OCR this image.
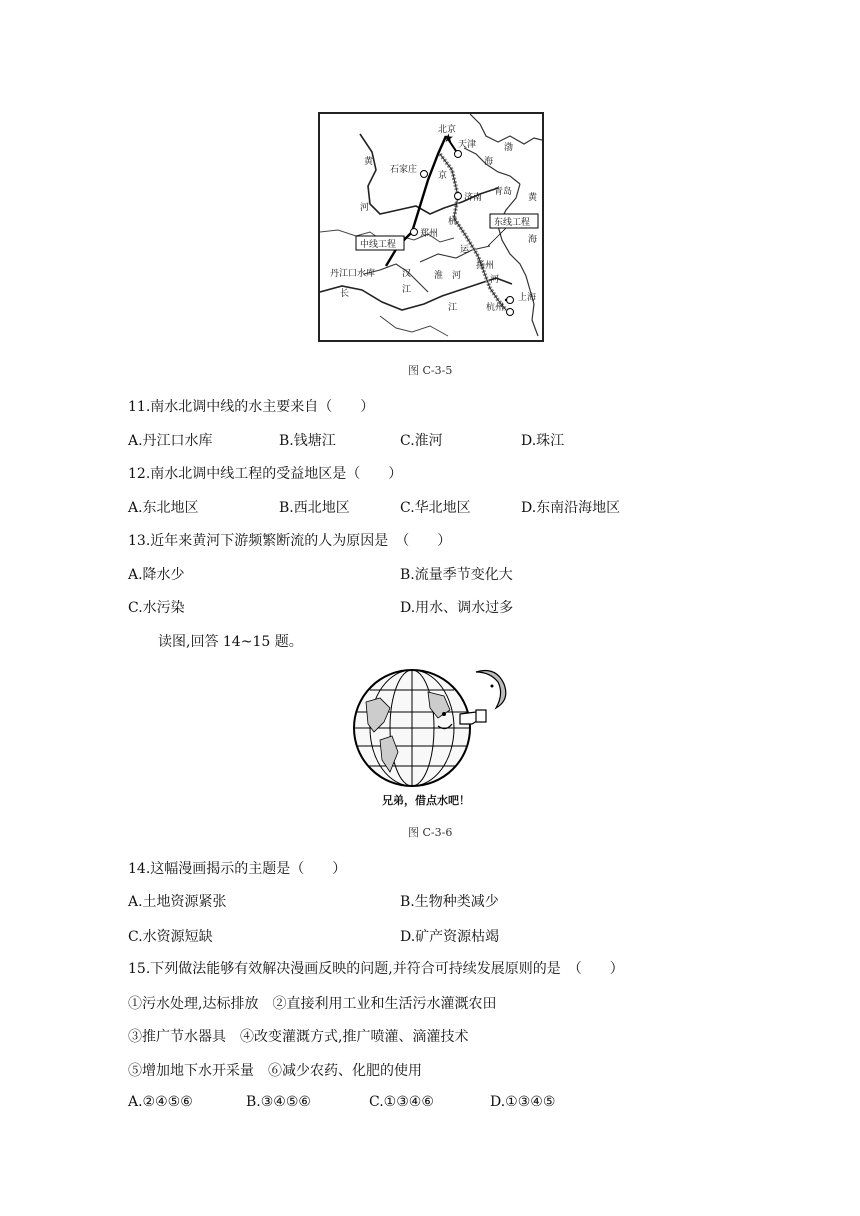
北京
★ 天津
石家庄
济南
青岛
郑州
扬州
杭州
上海
渤
海
黄
海
黄
河
京
杭
运
河
淮　河
汉
江
长
江
丹江口水库
中线工程
东线工程
图 C-3-5
11.南水北调中线的水主要来自（　　）
A.丹江口水库	B.钱塘江	C.淮河	D.珠江
12.南水北调中线工程的受益地区是（　　）
A.东北地区	B.西北地区	C.华北地区	D.东南沿海地区
13.近年来黄河下游频繁断流的人为原因是　（　　）
A.降水少	B.流量季节变化大
C.水污染	D.用水、调水过多
读图,回答 14~15 题。
兄弟，借点水吧！
图 C-3-6
14.这幅漫画揭示的主题是（　　）
A.土地资源紧张	B.生物种类减少
C.水资源短缺	D.矿产资源枯竭
15.下列做法能够有效解决漫画反映的问题,并符合可持续发展原则的是　（　　）
①污水处理,达标排放　②直接利用工业和生活污水灌溉农田
③推广节水器具　④改变灌溉方式,推广喷灌、滴灌技术
⑤增加地下水开采量　⑥减少农药、化肥的使用
A.②④⑤⑥	B.③④⑤⑥	C.①③④⑥	D.①③④⑤
